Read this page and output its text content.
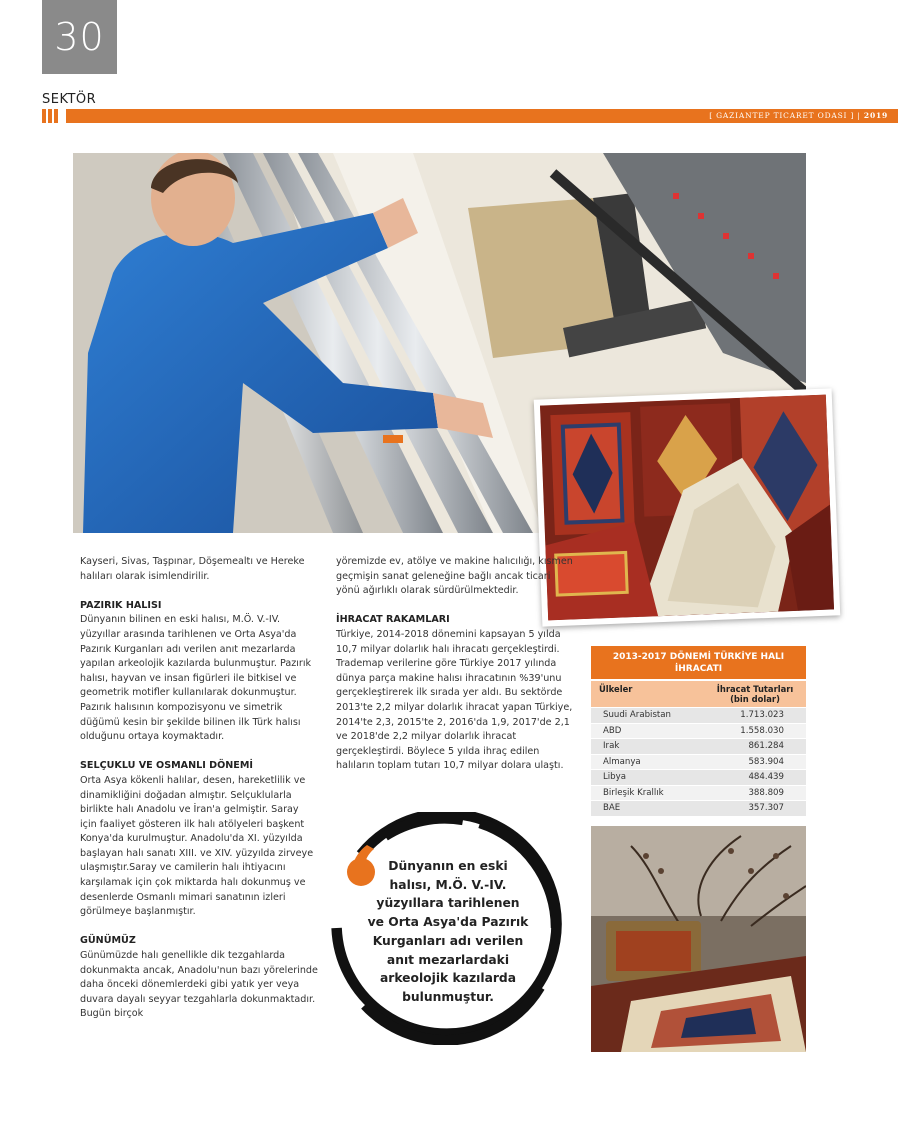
30
SEKTÖR
[ GAZIANTEP TICARET ODASI ] | 2019

Kayseri, Sivas, Taşpınar, Döşemealtı ve Hereke halıları olarak isimlendirilir.

PAZIRIK HALISI

Dünyanın bilinen en eski halısı, M.Ö. V.-IV. yüzyıllar arasında tarihlenen ve Orta Asya'da Pazırık Kurganları adı verilen anıt mezarlarda yapılan arkeolojik kazılarda bulunmuştur. Pazırık halısı, hayvan ve insan figürleri ile bitkisel ve geometrik motifler kullanılarak dokunmuştur. Pazırık halısının kompozisyonu ve simetrik düğümü kesin bir şekilde bilinen ilk Türk halısı olduğunu ortaya koymaktadır.

SELÇUKLU VE OSMANLI DÖNEMİ

Orta Asya kökenli halılar, desen, hareketlilik ve dinamikliğini doğadan almıştır. Selçuklularla birlikte halı Anadolu ve İran'a gelmiştir. Saray için faaliyet gösteren ilk halı atölyeleri başkent Konya'da kurulmuştur. Anadolu'da XI. yüzyılda başlayan halı sanatı XIII. ve XIV. yüzyılda zirveye ulaşmıştır.Saray ve camilerin halı ihtiyacını karşılamak için çok miktarda halı dokunmuş ve desenlerde Osmanlı mimari sanatının izleri görülmeye başlanmıştır.

GÜNÜMÜZ

Günümüzde halı genellikle dik tezgahlarda dokunmakta ancak, Anadolu'nun bazı yörelerinde daha önceki dönemlerdeki gibi yatık yer veya duvara dayalı seyyar tezgahlarla dokunmaktadır. Bugün birçok

yöremizde ev, atölye ve makine halıcılığı, kısmen geçmişin sanat geleneğine bağlı ancak ticari yönü ağırlıklı olarak sürdürülmektedir.

İHRACAT RAKAMLARI

Türkiye, 2014-2018 dönemini kapsayan 5 yılda 10,7 milyar dolarlık halı ihracatı gerçekleştirdi. Trademap verilerine göre Türkiye 2017 yılında dünya parça makine halısı ihracatının %39'unu gerçekleştirerek ilk sırada yer aldı. Bu sektörde 2013'te 2,2 milyar dolarlık ihracat yapan Türkiye, 2014'te 2,3, 2015'te 2, 2016'da 1,9, 2017'de 2,1 ve 2018'de 2,2 milyar dolarlık ihracat gerçekleştirdi. Böylece 5 yılda ihraç edilen halıların toplam tutarı 10,7 milyar dolara ulaştı.

2013-2017 DÖNEMİ TÜRKİYE HALI İHRACATI
Ülkeler	İhracat Tutarları (bin dolar)
Suudi Arabistan	1.713.023
ABD	1.558.030
Irak	861.284
Almanya	583.904
Libya	484.439
Birleşik Krallık	388.809
BAE	357.307
Dünyanın en eski halısı, M.Ö. V.-IV. yüzyıllara tarihlenen ve Orta Asya'da Pazırık Kurganları adı verilen anıt mezarlardaki arkeolojik kazılarda bulunmuştur.
